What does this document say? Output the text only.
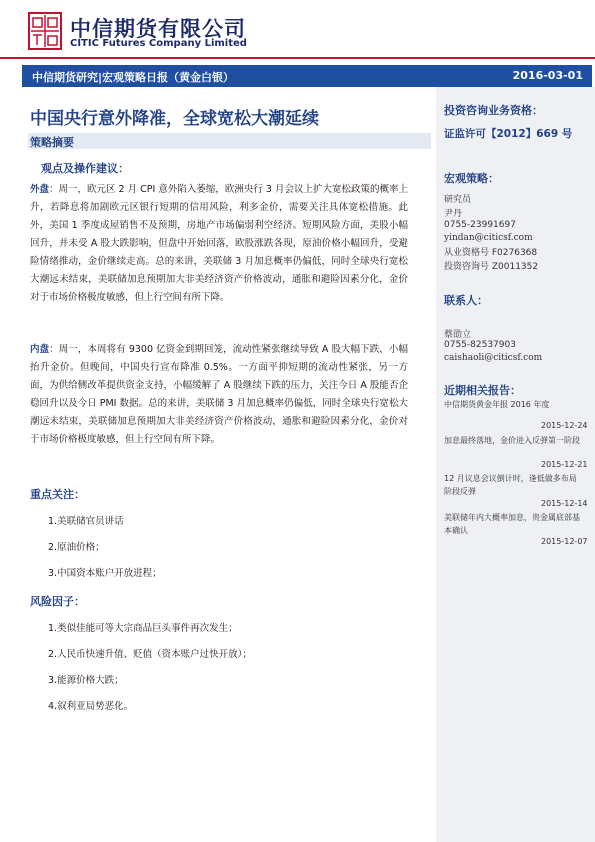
中信期货有限公司
CITIC Futures Company Limited
中信期货研究|宏观策略日报（黄金白银）	2016-03-01
投资咨询业务资格：
证监许可【2012】669 号
宏观策略：
研究员
尹丹
0755-23991697
yindan@citicsf.com
从业资格号 F0276368
投资咨询号 Z0011352
联系人：
蔡劭立
0755-82537903
caishaoli@citicsf.com
近期相关报告：
中信期货黄金年报 2016 年度
2015-12-24
加息最终落地，金价进入反弹第一阶段
2015-12-21
12 月议息会议倒计时，逢低做多布局阶段反弹
2015-12-14
美联储年内大概率加息，贵金属底部基本确认
2015-12-07
中国央行意外降准，全球宽松大潮延续
策略摘要
观点及操作建议：
外盘：周一，欧元区 2 月 CPI 意外陷入萎缩，欧洲央行 3 月会议上扩大宽松政策的概率上升，若降息将加剧欧元区银行短期的信用风险，利多金价，需要关注具体宽松措施。此外，美国 1 季度成屋销售不及预期，房地产市场偏弱利空经济。短期风险方面，美股小幅回升，并未受 A 股大跌影响，但盘中开始回落，欧股涨跌各现，原油价格小幅回升，受避险情绪推动，金价继续走高。总的来讲，美联储 3 月加息概率仍偏低，同时全球央行宽松大潮远未结束，美联储加息预期加大非美经济资产价格波动，通胀和避险因素分化，金价对于市场价格极度敏感，但上行空间有所下降。
内盘：周一，本周将有 9300 亿资金到期回笼，流动性紧张继续导致 A 股大幅下跌，小幅抬升金价。但晚间，中国央行宣布降准 0.5%。一方面平抑短期的流动性紧张，另一方面，为供给侧改革提供资金支持，小幅缓解了 A 股继续下跌的压力，关注今日 A 股能否企稳回升以及今日 PMI 数据。总的来讲，美联储 3 月加息概率仍偏低，同时全球央行宽松大潮远未结束，美联储加息预期加大非美经济资产价格波动，通胀和避险因素分化，金价对于市场价格极度敏感，但上行空间有所下降。
重点关注：
1.美联储官员讲话
2.原油价格；
3.中国资本账户开放进程；
风险因子：
1.类似佳能可等大宗商品巨头事件再次发生；
2.人民币快速升值、贬值（资本账户过快开放）；
3.能源价格大跌；
4.叙利亚局势恶化。
